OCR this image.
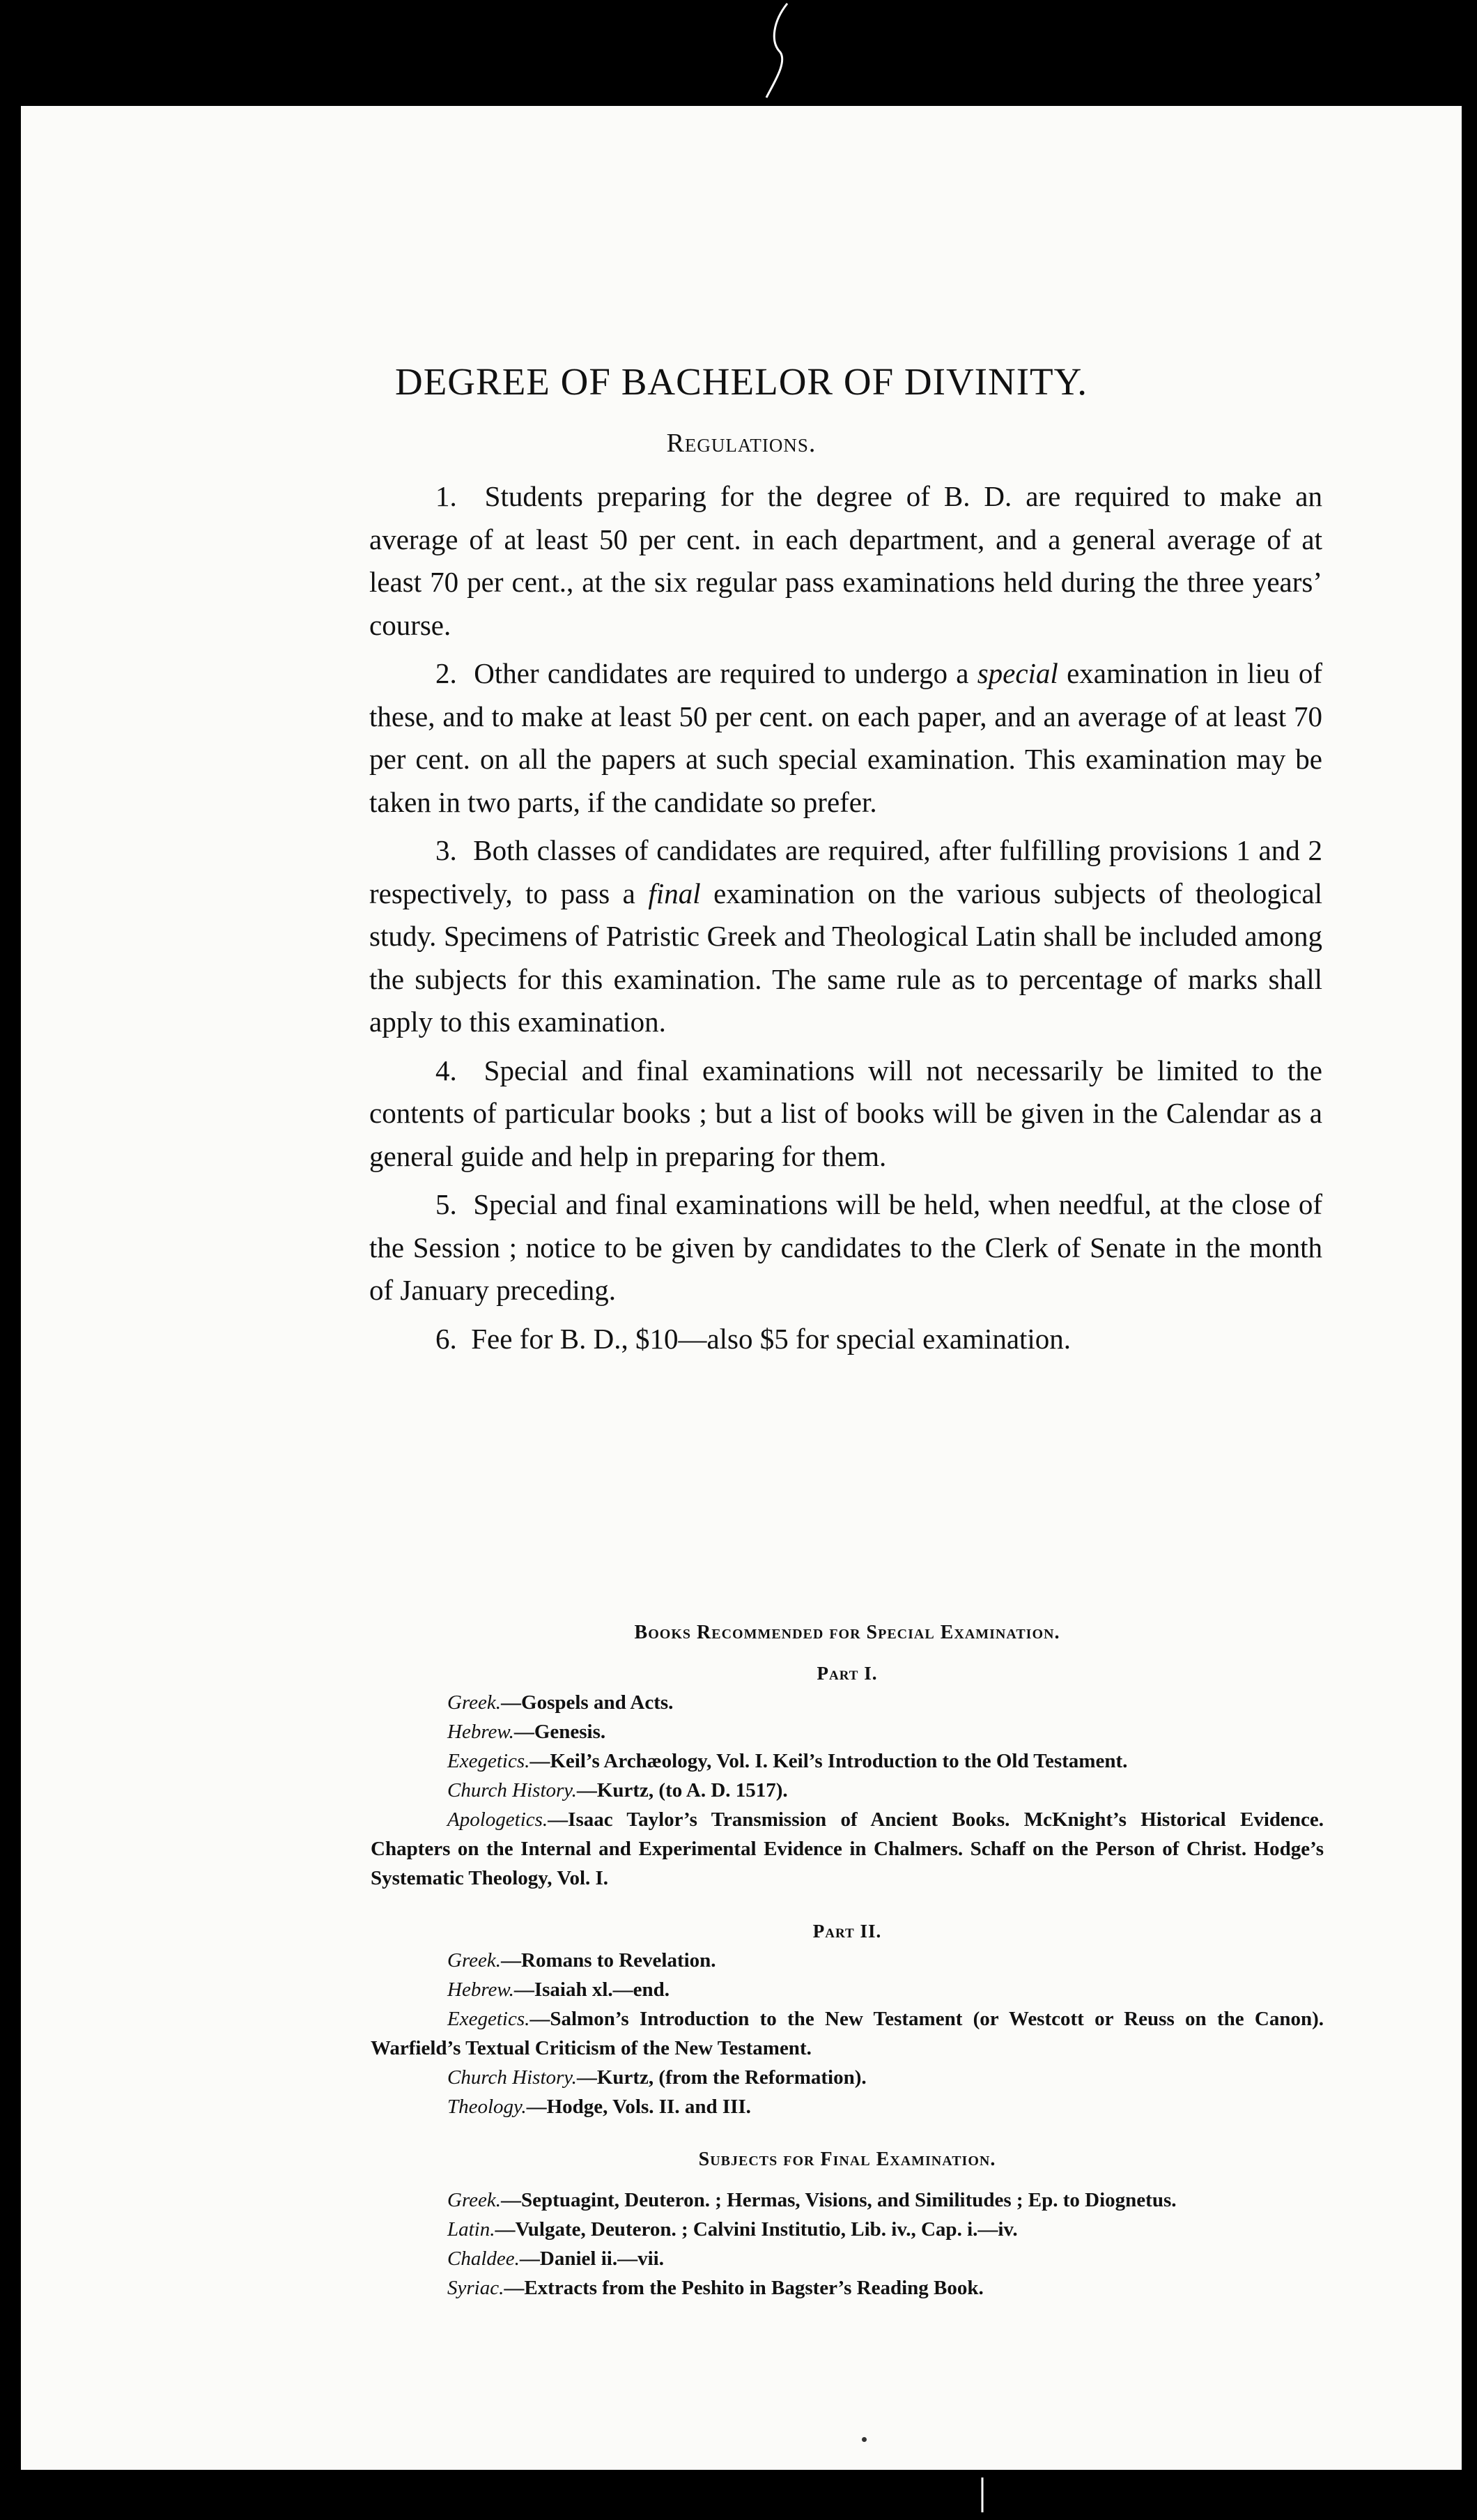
DEGREE OF BACHELOR OF DIVINITY.
Regulations.

1. Students preparing for the degree of B. D. are required to make an average of at least 50 per cent. in each department, and a general average of at least 70 per cent., at the six regular pass examinations held during the three years’ course.

2. Other candidates are required to undergo a special examination in lieu of these, and to make at least 50 per cent. on each paper, and an average of at least 70 per cent. on all the papers at such special examination. This examination may be taken in two parts, if the candidate so prefer.

3. Both classes of candidates are required, after fulfilling provisions 1 and 2 respectively, to pass a final examination on the various subjects of theological study. Specimens of Patristic Greek and Theological Latin shall be included among the subjects for this examination. The same rule as to percentage of marks shall apply to this examination.

4. Special and final examinations will not necessarily be limited to the contents of particular books ; but a list of books will be given in the Calendar as a general guide and help in preparing for them.

5. Special and final examinations will be held, when needful, at the close of the Session ; notice to be given by candidates to the Clerk of Senate in the month of January preceding.

6. Fee for B. D., $10—also $5 for special examination.

Books Recommended for Special Examination.

Part I.

Greek.—Gospels and Acts.

Hebrew.—Genesis.

Exegetics.—Keil’s Archæology, Vol. I. Keil’s Introduction to the Old Testament.

Church History.—Kurtz, (to A. D. 1517).

Apologetics.—Isaac Taylor’s Transmission of Ancient Books. McKnight’s Historical Evidence. Chapters on the Internal and Experimental Evidence in Chalmers. Schaff on the Person of Christ. Hodge’s Systematic Theology, Vol. I.

Part II.

Greek.—Romans to Revelation.

Hebrew.—Isaiah xl.—end.

Exegetics.—Salmon’s Introduction to the New Testament (or Westcott or Reuss on the Canon). Warfield’s Textual Criticism of the New Testament.

Church History.—Kurtz, (from the Reformation).

Theology.—Hodge, Vols. II. and III.

Subjects for Final Examination.

Greek.—Septuagint, Deuteron. ; Hermas, Visions, and Similitudes ; Ep. to Diognetus.

Latin.—Vulgate, Deuteron. ; Calvini Institutio, Lib. iv., Cap. i.—iv.

Chaldee.—Daniel ii.—vii.

Syriac.—Extracts from the Peshito in Bagster’s Reading Book.
